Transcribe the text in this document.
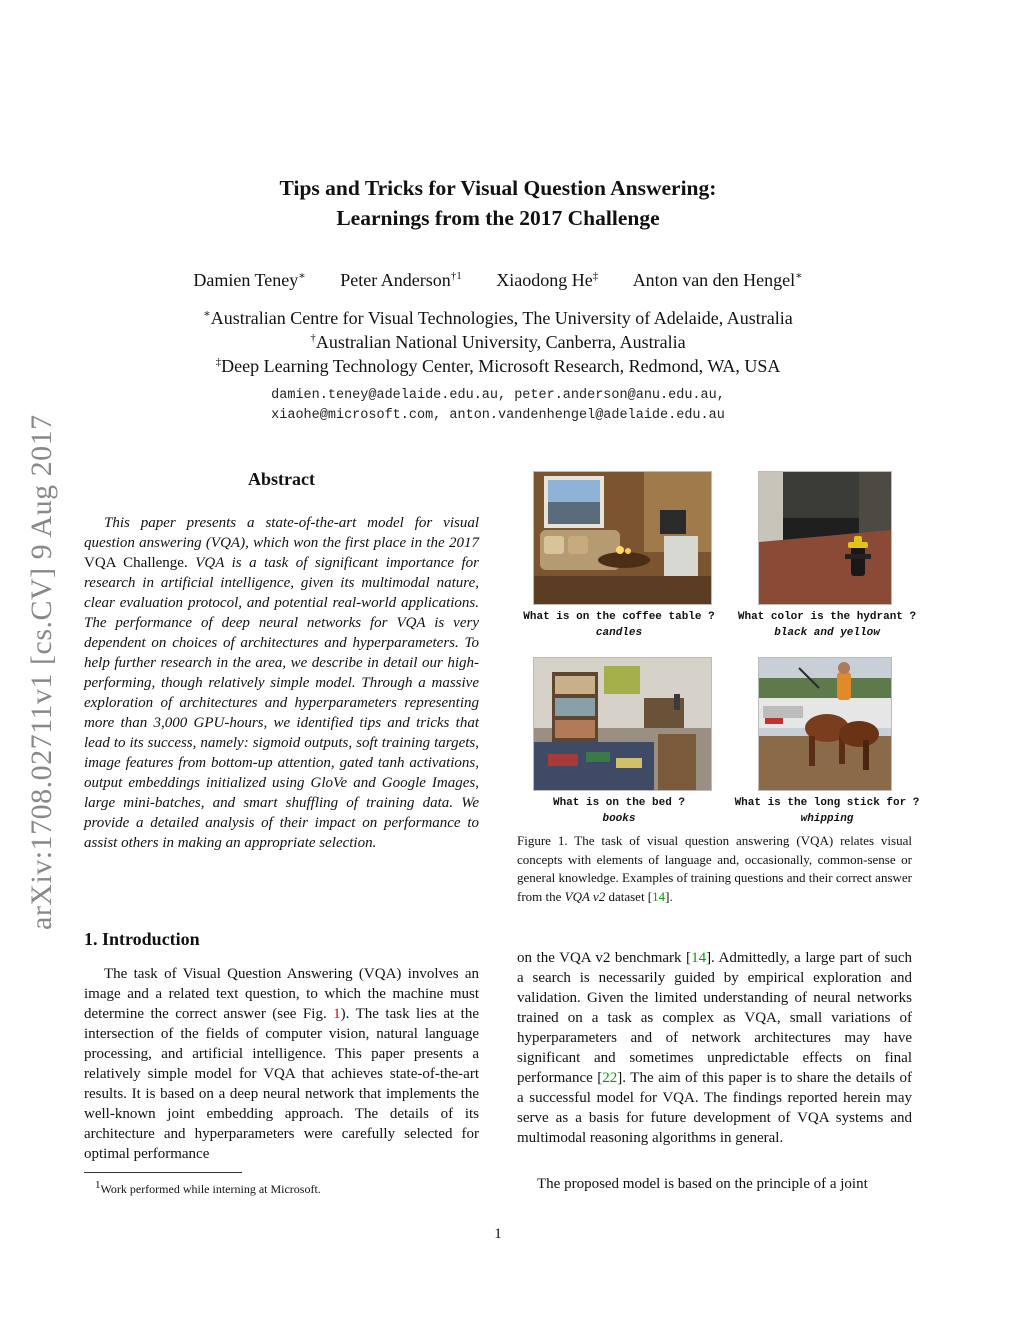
arXiv:1708.02711v1 [cs.CV] 9 Aug 2017
Tips and Tricks for Visual Question Answering:
Learnings from the 2017 Challenge
Damien Teney∗ Peter Anderson$^{\dagger 1}$ Xiaodong He‡ Anton van den Hengel∗
∗Australian Centre for Visual Technologies, The University of Adelaide, Australia
†Australian National University, Canberra, Australia
‡Deep Learning Technology Center, Microsoft Research, Redmond, WA, USA
damien.teney@adelaide.edu.au, peter.anderson@anu.edu.au,
xiaohe@microsoft.com, anton.vandenhengel@adelaide.edu.au
Abstract
This paper presents a state-of-the-art model for visual question answering (VQA), which won the first place in the 2017 VQA Challenge. VQA is a task of significant importance for research in artificial intelligence, given its multimodal nature, clear evaluation protocol, and potential real-world applications. The performance of deep neural networks for VQA is very dependent on choices of architectures and hyperparameters. To help further research in the area, we describe in detail our high-performing, though relatively simple model. Through a massive exploration of architectures and hyperparameters representing more than 3,000 GPU-hours, we identified tips and tricks that lead to its success, namely: sigmoid outputs, soft training targets, image features from bottom-up attention, gated tanh activations, output embeddings initialized using GloVe and Google Images, large mini-batches, and smart shuffling of training data. We provide a detailed analysis of their impact on performance to assist others in making an appropriate selection.
1. Introduction
The task of Visual Question Answering (VQA) involves an image and a related text question, to which the machine must determine the correct answer (see Fig. 1). The task lies at the intersection of the fields of computer vision, natural language processing, and artificial intelligence. This paper presents a relatively simple model for VQA that achieves state-of-the-art results. It is based on a deep neural network that implements the well-known joint embedding approach. The details of its architecture and hyperparameters were carefully selected for optimal performance
$^1$Work performed while interning at Microsoft.
on the VQA v2 benchmark [14]. Admittedly, a large part of such a search is necessarily guided by empirical exploration and validation. Given the limited understanding of neural networks trained on a task as complex as VQA, small variations of hyperparameters and of network architectures may have significant and sometimes unpredictable effects on final performance [22]. The aim of this paper is to share the details of a successful model for VQA. The findings reported herein may serve as a basis for future development of VQA systems and multimodal reasoning algorithms in general.
The proposed model is based on the principle of a joint
What is on the coffee table ?
candles
What color is the hydrant ?
black and yellow
What is on the bed ?
books
What is the long stick for ?
whipping
Figure 1. The task of visual question answering (VQA) relates visual concepts with elements of language and, occasionally, common-sense or general knowledge. Examples of training questions and their correct answer from the VQA v2 dataset [14].
1
